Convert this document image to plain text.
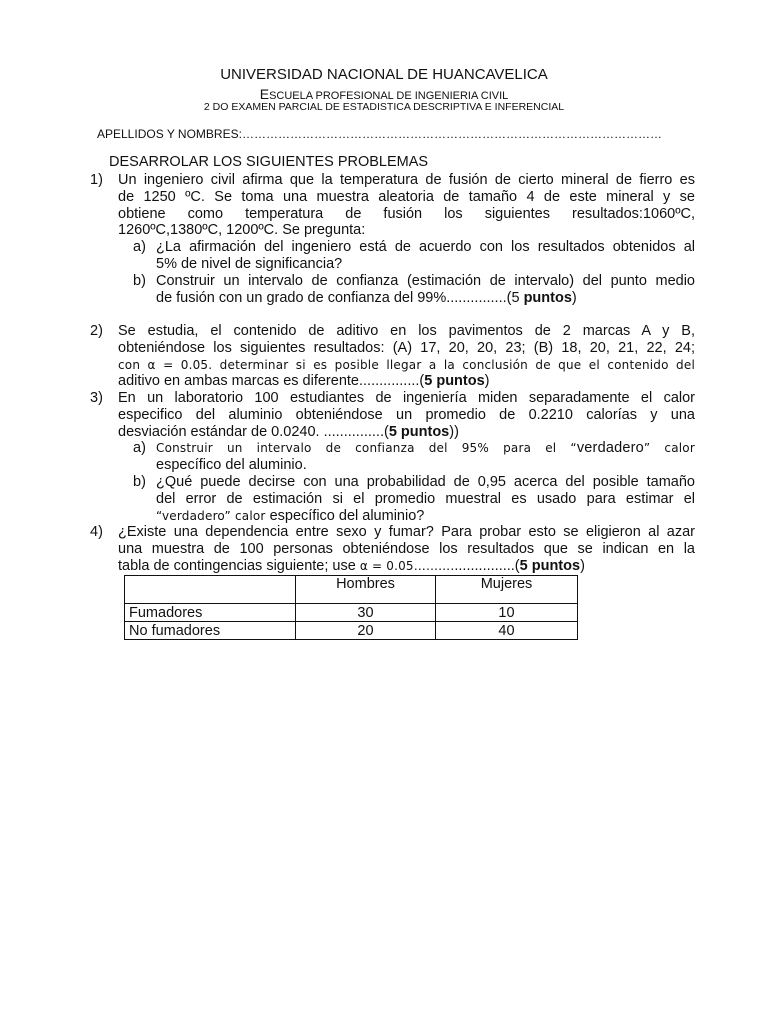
UNIVERSIDAD NACIONAL DE HUANCAVELICA
ESCUELA PROFESIONAL DE INGENIERIA CIVIL
2 DO EXAMEN PARCIAL DE ESTADISTICA DESCRIPTIVA E INFERENCIAL
APELLIDOS Y NOMBRES:……………………………………………………………………………………………
DESARROLAR LOS SIGUIENTES PROBLEMAS
1) Un ingeniero civil afirma que la temperatura de fusión de cierto mineral de fierro es
de 1250 ºC. Se toma una muestra aleatoria de tamaño 4 de este mineral y se
obtiene como temperatura de fusión los siguientes resultados:1060ºC,
1260ºC,1380ºC, 1200ºC. Se pregunta:
a) ¿La afirmación del ingeniero está de acuerdo con los resultados obtenidos al
5% de nivel de significancia?
b) Construir un intervalo de confianza (estimación de intervalo) del punto medio
de fusión con un grado de confianza del 99%...............(5 puntos)
2) Se estudia, el contenido de aditivo en los pavimentos de 2 marcas A y B,
obteniéndose los siguientes resultados: (A) 17, 20, 20, 23; (B) 18, 20, 21, 22, 24;
con α = 0.05. determinar si es posible llegar a la conclusión de que el contenido del
aditivo en ambas marcas es diferente...............(5 puntos)
3) En un laboratorio 100 estudiantes de ingeniería miden separadamente el calor
especifico del aluminio obteniéndose un promedio de 0.2210 calorías y una
desviación estándar de 0.0240. ...............(5 puntos))
a) Construir un intervalo de confianza del 95% para el “verdadero” calor
específico del aluminio.
b) ¿Qué puede decirse con una probabilidad de 0,95 acerca del posible tamaño
del error de estimación si el promedio muestral es usado para estimar el
“verdadero” calor específico del aluminio?
4) ¿Existe una dependencia entre sexo y fumar? Para probar esto se eligieron al azar
una muestra de 100 personas obteniéndose los resultados que se indican en la
tabla de contingencias siguiente; use α = 0.05………................(5 puntos)
	Hombres	Mujeres
Fumadores	30	10
No fumadores	20	40
